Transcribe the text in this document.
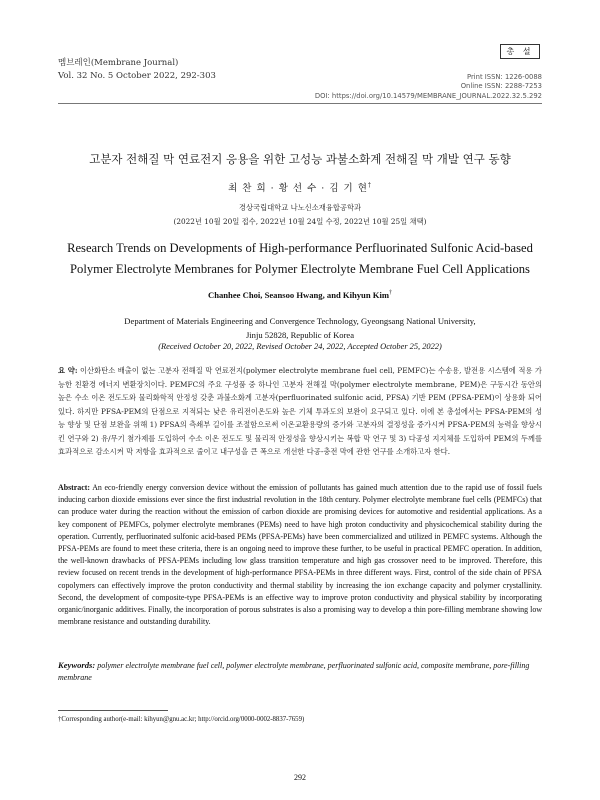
멤브레인(Membrane Journal)
Vol. 32 No. 5 October 2022, 292-303
총 설
Print ISSN: 1226-0088
Online ISSN: 2288-7253
DOI: https://doi.org/10.14579/MEMBRANE_JOURNAL.2022.32.5.292
고분자 전해질 막 연료전지 응용을 위한 고성능 과불소화계 전해질 막 개발 연구 동향
최 찬 희 · 황 선 수 · 김 기 현†
경상국립대학교 나노신소재융합공학과
(2022년 10월 20일 접수, 2022년 10월 24일 수정, 2022년 10월 25일 채택)
Research Trends on Developments of High-performance Perfluorinated Sulfonic Acid-based
Polymer Electrolyte Membranes for Polymer Electrolyte Membrane Fuel Cell Applications
Chanhee Choi, Seansoo Hwang, and Kihyun Kim†
Department of Materials Engineering and Convergence Technology, Gyeongsang National University,
Jinju 52828, Republic of Korea
(Received October 20, 2022, Revised October 24, 2022, Accepted October 25, 2022)
요 약: 이산화탄소 배출이 없는 고분자 전해질 막 연료전지(polymer electrolyte membrane fuel cell, PEMFC)는 수송용, 발전용 시스템에 적용 가능한 친환경 에너지 변환장치이다. PEMFC의 주요 구성품 중 하나인 고분자 전해질 막(polymer electrolyte membrane, PEM)은 구동시간 동안의 높은 수소 이온 전도도와 물리화학적 안정성 갖춘 과불소화계 고분자(perfluorinated sulfonic acid, PFSA) 기반 PEM (PFSA-PEM)이 상용화 되어있다. 하지만 PFSA-PEM의 단점으로 지적되는 낮은 유리전이온도와 높은 기체 투과도의 보완이 요구되고 있다. 이에 본 총설에서는 PFSA-PEM의 성능 향상 및 단점 보완을 위해 1) PFSA의 측쇄부 길이를 조절함으로써 이온교환용량의 증가와 고분자의 결정성을 증가시켜 PFSA-PEM의 능력을 향상시킨 연구와 2) 유/무기 첨가제를 도입하여 수소 이온 전도도 및 물리적 안정성을 향상시키는 복합 막 연구 및 3) 다공성 지지체를 도입하여 PEM의 두께를 효과적으로 감소시켜 막 저항을 효과적으로 줄이고 내구성을 큰 폭으로 개선한 다공-충전 막에 관한 연구를 소개하고자 한다.
Abstract: An eco-friendly energy conversion device without the emission of pollutants has gained much attention due to the rapid use of fossil fuels inducing carbon dioxide emissions ever since the first industrial revolution in the 18th century. Polymer electrolyte membrane fuel cells (PEMFCs) that can produce water during the reaction without the emission of carbon dioxide are promising devices for automotive and residential applications. As a key component of PEMFCs, polymer electrolyte membranes (PEMs) need to have high proton conductivity and physicochemical stability during the operation. Currently, perfluorinated sulfonic acid-based PEMs (PFSA-PEMs) have been commercialized and utilized in PEMFC systems. Although the PFSA-PEMs are found to meet these criteria, there is an ongoing need to improve these further, to be useful in practical PEMFC operation. In addition, the well-known drawbacks of PFSA-PEMs including low glass transition temperature and high gas crossover need to be improved. Therefore, this review focused on recent trends in the development of high-performance PFSA-PEMs in three different ways. First, control of the side chain of PFSA copolymers can effectively improve the proton conductivity and thermal stability by increasing the ion exchange capacity and polymer crystallinity. Second, the development of composite-type PFSA-PEMs is an effective way to improve proton conductivity and physical stability by incorporating organic/inorganic additives. Finally, the incorporation of porous substrates is also a promising way to develop a thin pore-filling membrane showing low membrane resistance and outstanding durability.
Keywords: polymer electrolyte membrane fuel cell, polymer electrolyte membrane, perfluorinated sulfonic acid, composite membrane, pore-filling membrane
†Corresponding author(e-mail: kihyun@gnu.ac.kr; http://orcid.org/0000-0002-8837-7659)
292
